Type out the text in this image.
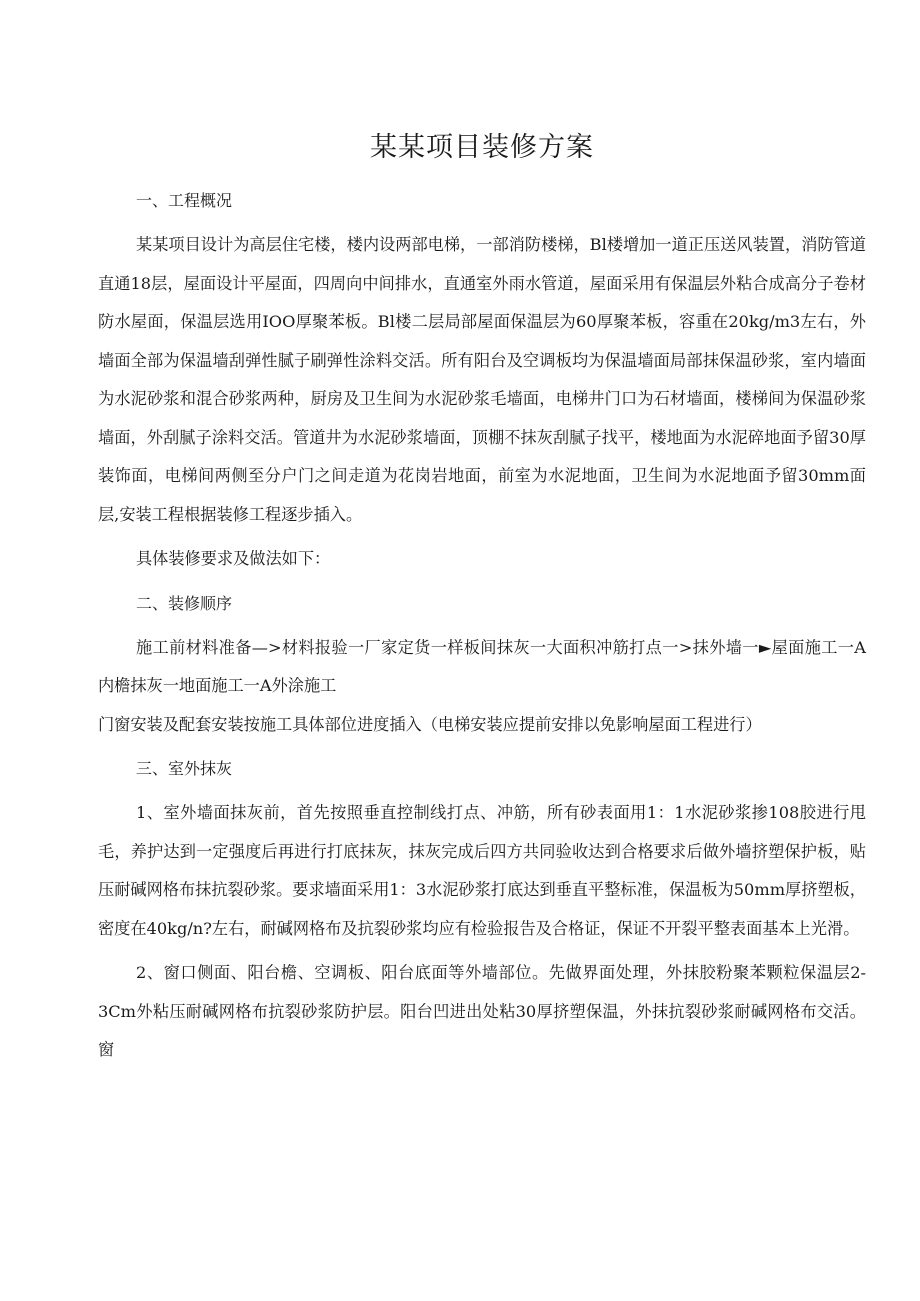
某某项目装修方案

一、工程概况

某某项目设计为高层住宅楼，楼内设两部电梯，一部消防楼梯，Bl楼增加一道正压送风装置，消防管道直通18层，屋面设计平屋面，四周向中间排水，直通室外雨水管道，屋面采用有保温层外粘合成高分子卷材防水屋面，保温层选用IOO厚聚苯板。Bl楼二层局部屋面保温层为60厚聚苯板，容重在20kg∕m3左右，外墙面全部为保温墙刮弹性腻子刷弹性涂料交活。所有阳台及空调板均为保温墙面局部抹保温砂浆，室内墙面为水泥砂浆和混合砂浆两种，厨房及卫生间为水泥砂浆毛墙面，电梯井门口为石材墙面，楼梯间为保温砂浆墙面，外刮腻子涂料交活。管道井为水泥砂浆墙面，顶棚不抹灰刮腻子找平，楼地面为水泥碎地面予留30厚装饰面，电梯间两侧至分户门之间走道为花岗岩地面，前室为水泥地面，卫生间为水泥地面予留30mm面层,安装工程根据装修工程逐步插入。

具体装修要求及做法如下：

二、装修顺序

施工前材料准备—>材料报验一厂家定货一样板间抹灰一大面积冲筋打点一>抹外墙一►屋面施工一A内檐抹灰一地面施工一A外涂施工

门窗安装及配套安装按施工具体部位进度插入（电梯安装应提前安排以免影响屋面工程进行）

三、室外抹灰

1、室外墙面抹灰前，首先按照垂直控制线打点、冲筋，所有砂表面用1：1水泥砂浆掺108胶进行甩毛，养护达到一定强度后再进行打底抹灰，抹灰完成后四方共同验收达到合格要求后做外墙挤塑保护板，贴压耐碱网格布抹抗裂砂浆。要求墙面采用1：3水泥砂浆打底达到垂直平整标准，保温板为50mm厚挤塑板，密度在40kg∕n?左右，耐碱网格布及抗裂砂浆均应有检验报告及合格证，保证不开裂平整表面基本上光滑。

2、窗口侧面、阳台檐、空调板、阳台底面等外墙部位。先做界面处理，外抹胶粉聚苯颗粒保温层2-3Cm外粘压耐碱网格布抗裂砂浆防护层。阳台凹进出处粘30厚挤塑保温，外抹抗裂砂浆耐碱网格布交活。窗
